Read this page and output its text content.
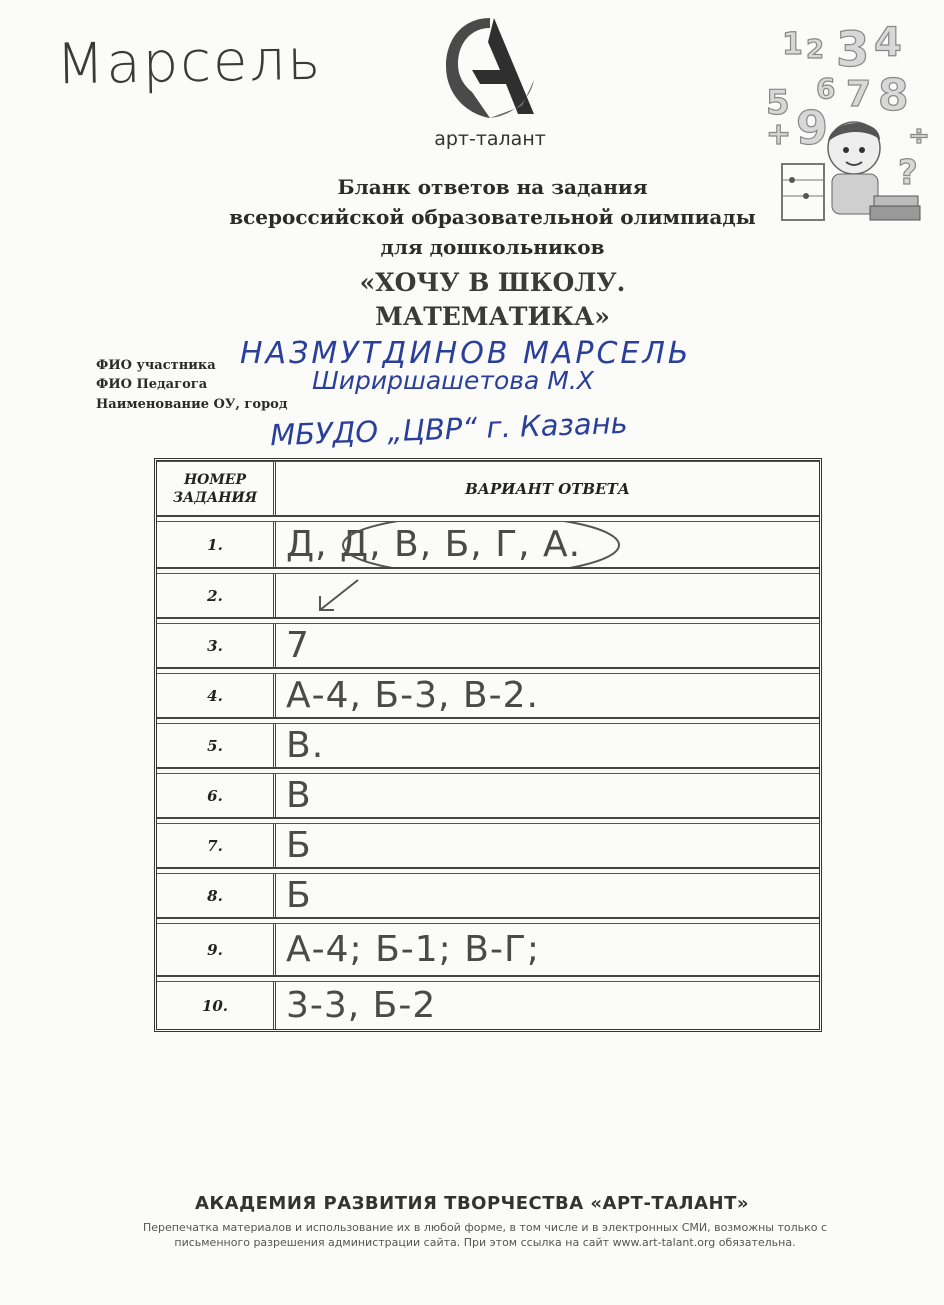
Марсель
арт-талант
1 2 3 4
5 6 7 8
9
+	÷
?
Бланк ответов на задания
всероссийской образовательной олимпиады
для дошкольников
«ХОЧУ В ШКОЛУ.
МАТЕМАТИКА»
ФИО участника
ФИО Педагога
Наименование ОУ, город
НАЗМУТДИНОВ МАРСЕЛЬ
Шириршашетова М.Х
МБУДО „ЦВР“ г. Казань
НОМЕР
ЗАДАНИЯ	ВАРИАНТ ОТВЕТА
1.	Д, Д, В, Б, Г, А.
2.
3.	7
4.	А-4, Б-3, В-2.
5.	В.
6.	В
7.	Б
8.	Б
9.	А-4; Б-1; В-Г;
10.	3-3, Б-2
АКАДЕМИЯ РАЗВИТИЯ ТВОРЧЕСТВА «АРТ-ТАЛАНТ»
Перепечатка материалов и использование их в любой форме, в том числе и в электронных СМИ, возможны только с
письменного разрешения администрации сайта. При этом ссылка на сайт www.art-talant.org обязательна.
